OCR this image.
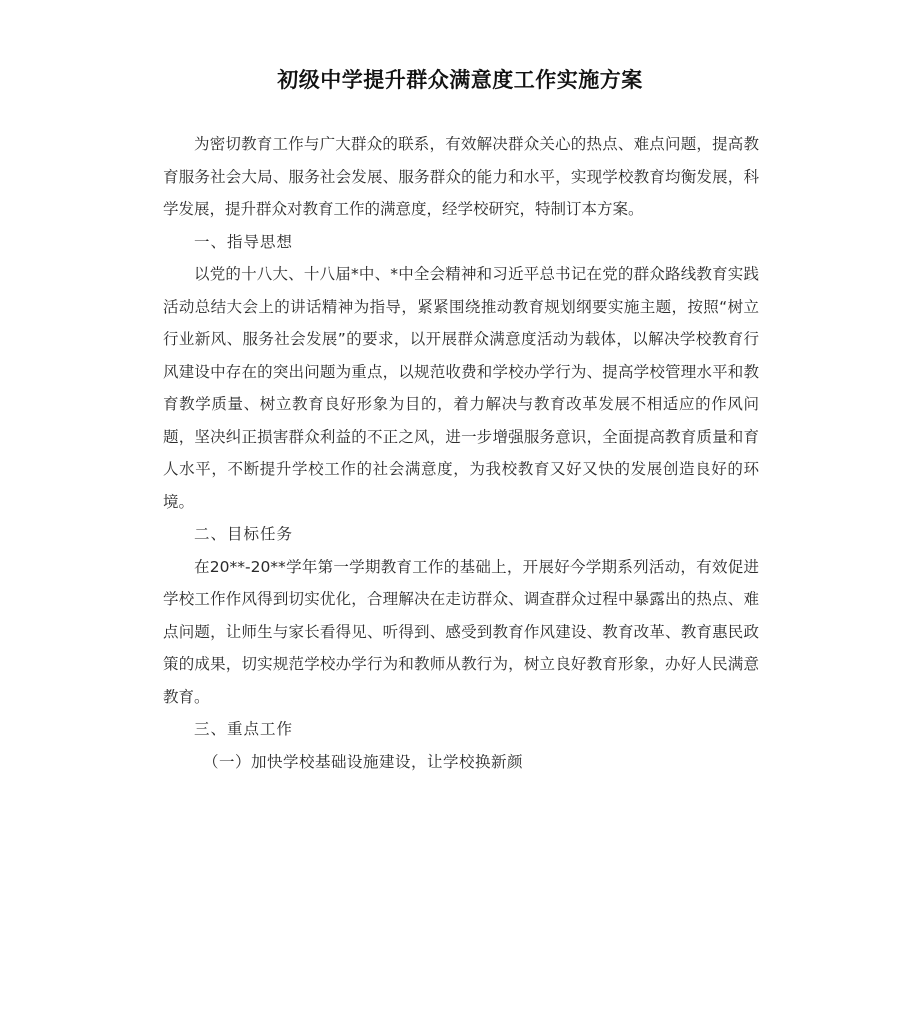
初级中学提升群众满意度工作实施方案

为密切教育工作与广大群众的联系，有效解决群众关心的热点、难点问题，提高教育服务社会大局、服务社会发展、服务群众的能力和水平，实现学校教育均衡发展，科学发展，提升群众对教育工作的满意度，经学校研究，特制订本方案。

一、指导思想

以党的十八大、十八届*中、*中全会精神和习近平总书记在党的群众路线教育实践活动总结大会上的讲话精神为指导，紧紧围绕推动教育规划纲要实施主题，按照“树立行业新风、服务社会发展”的要求，以开展群众满意度活动为载体，以解决学校教育行风建设中存在的突出问题为重点，以规范收费和学校办学行为、提高学校管理水平和教育教学质量、树立教育良好形象为目的，着力解决与教育改革发展不相适应的作风问题，坚决纠正损害群众利益的不正之风，进一步增强服务意识，全面提高教育质量和育人水平，不断提升学校工作的社会满意度，为我校教育又好又快的发展创造良好的环境。

二、目标任务

在20**-20**学年第一学期教育工作的基础上，开展好今学期系列活动，有效促进学校工作作风得到切实优化，合理解决在走访群众、调查群众过程中暴露出的热点、难点问题，让师生与家长看得见、听得到、感受到教育作风建设、教育改革、教育惠民政策的成果，切实规范学校办学行为和教师从教行为，树立良好教育形象，办好人民满意教育。

三、重点工作

（一）加快学校基础设施建设，让学校换新颜
